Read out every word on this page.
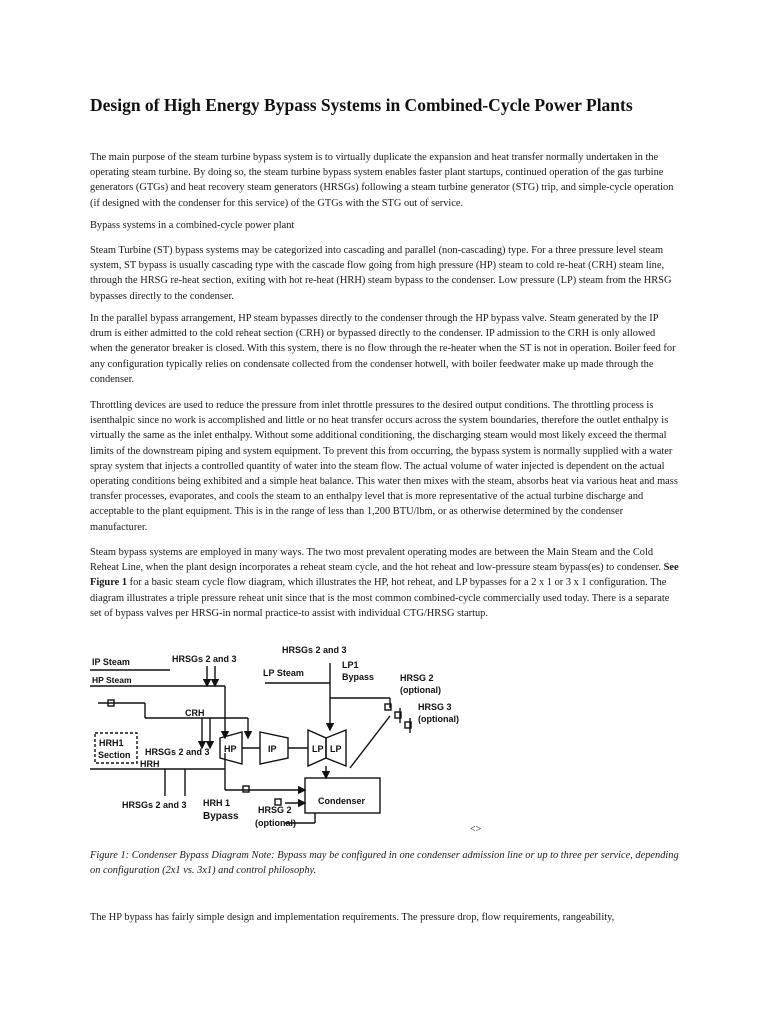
Design of High Energy Bypass Systems in Combined-Cycle Power Plants

The main purpose of the steam turbine bypass system is to virtually duplicate the expansion and heat transfer normally undertaken in the operating steam turbine. By doing so, the steam turbine bypass system enables faster plant startups, continued operation of the gas turbine generators (GTGs) and heat recovery steam generators (HRSGs) following a steam turbine generator (STG) trip, and simple-cycle operation (if designed with the condenser for this service) of the GTGs with the STG out of service.

Bypass systems in a combined-cycle power plant

Steam Turbine (ST) bypass systems may be categorized into cascading and parallel (non-cascading) type. For a three pressure level steam system, ST bypass is usually cascading type with the cascade flow going from high pressure (HP) steam to cold re-heat (CRH) steam line, through the HRSG re-heat section, exiting with hot re-heat (HRH) steam bypass to the condenser. Low pressure (LP) steam from the HRSG bypasses directly to the condenser.

In the parallel bypass arrangement, HP steam bypasses directly to the condenser through the HP bypass valve. Steam generated by the IP drum is either admitted to the cold reheat section (CRH) or bypassed directly to the condenser. IP admission to the CRH is only allowed when the generator breaker is closed. With this system, there is no flow through the re-heater when the ST is not in operation. Boiler feed for any configuration typically relies on condensate collected from the condenser hotwell, with boiler feedwater make up made through the condenser.

Throttling devices are used to reduce the pressure from inlet throttle pressures to the desired output conditions. The throttling process is isenthalpic since no work is accomplished and little or no heat transfer occurs across the system boundaries, therefore the outlet enthalpy is virtually the same as the inlet enthalpy. Without some additional conditioning, the discharging steam would most likely exceed the thermal limits of the downstream piping and system equipment. To prevent this from occurring, the bypass system is normally supplied with a water spray system that injects a controlled quantity of water into the steam flow. The actual volume of water injected is dependent on the actual operating conditions being exhibited and a simple heat balance. This water then mixes with the steam, absorbs heat via various heat and mass transfer processes, evaporates, and cools the steam to an enthalpy level that is more representative of the actual turbine discharge and acceptable to the plant equipment. This is in the range of less than 1,200 BTU/lbm, or as otherwise determined by the condenser manufacturer.

Steam bypass systems are employed in many ways. The two most prevalent operating modes are between the Main Steam and the Cold Reheat Line, when the plant design incorporates a reheat steam cycle, and the hot reheat and low-pressure steam bypass(es) to condenser. See Figure 1 for a basic steam cycle flow diagram, which illustrates the HP, hot reheat, and LP bypasses for a 2 x 1 or 3 x 1 configuration. The diagram illustrates a triple pressure reheat unit since that is the most common combined-cycle commercially used today. There is a separate set of bypass valves per HRSG-in normal practice-to assist with individual CTG/HRSG startup.

IP Steam
HP Steam
HRSGs 2 and 3
HRSGs 2 and 3
LP Steam
LP1
Bypass	HRSG 2
(optional)
HRSG 3
(optional)
CRH
HRH1
Section HRSGs 2 and 3
HRH
HP	IP	LP LP
Condenser
HRSGs 2 and 3 HRH 1
Bypass
HRSG 2
(optional)
<>

Figure 1: Condenser Bypass Diagram Note: Bypass may be configured in one condenser admission line or up to three per service, depending on configuration (2x1 vs. 3x1) and control philosophy.

The HP bypass has fairly simple design and implementation requirements. The pressure drop, flow requirements, rangeability,
